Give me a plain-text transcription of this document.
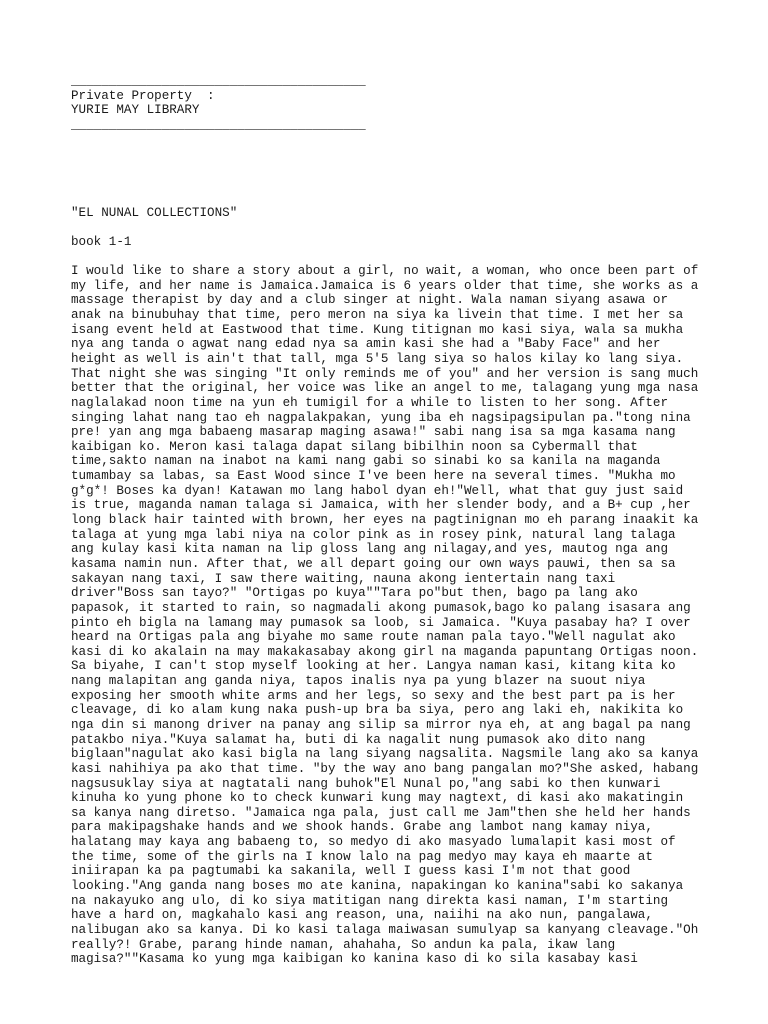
_______________________________________
Private Property  :
YURIE MAY LIBRARY
_______________________________________
"EL NUNAL COLLECTIONS"
book 1-1
I would like to share a story about a girl, no wait, a woman, who once been part of
my life, and her name is Jamaica.Jamaica is 6 years older that time, she works as a
massage therapist by day and a club singer at night. Wala naman siyang asawa or
anak na binubuhay that time, pero meron na siya ka livein that time. I met her sa
isang event held at Eastwood that time. Kung titignan mo kasi siya, wala sa mukha
nya ang tanda o agwat nang edad nya sa amin kasi she had a "Baby Face" and her
height as well is ain't that tall, mga 5'5 lang siya so halos kilay ko lang siya.
That night she was singing "It only reminds me of you" and her version is sang much
better that the original, her voice was like an angel to me, talagang yung mga nasa
naglalakad noon time na yun eh tumigil for a while to listen to her song. After
singing lahat nang tao eh nagpalakpakan, yung iba eh nagsipagsipulan pa."tong nina
pre! yan ang mga babaeng masarap maging asawa!" sabi nang isa sa mga kasama nang
kaibigan ko. Meron kasi talaga dapat silang bibilhin noon sa Cybermall that
time,sakto naman na inabot na kami nang gabi so sinabi ko sa kanila na maganda
tumambay sa labas, sa East Wood since I've been here na several times. "Mukha mo
g*g*! Boses ka dyan! Katawan mo lang habol dyan eh!"Well, what that guy just said
is true, maganda naman talaga si Jamaica, with her slender body, and a B+ cup ,her
long black hair tainted with brown, her eyes na pagtinignan mo eh parang inaakit ka
talaga at yung mga labi niya na color pink as in rosey pink, natural lang talaga
ang kulay kasi kita naman na lip gloss lang ang nilagay,and yes, mautog nga ang
kasama namin nun. After that, we all depart going our own ways pauwi, then sa sa
sakayan nang taxi, I saw there waiting, nauna akong ientertain nang taxi
driver"Boss san tayo?" "Ortigas po kuya""Tara po"but then, bago pa lang ako
papasok, it started to rain, so nagmadali akong pumasok,bago ko palang isasara ang
pinto eh bigla na lamang may pumasok sa loob, si Jamaica. "Kuya pasabay ha? I over
heard na Ortigas pala ang biyahe mo same route naman pala tayo."Well nagulat ako
kasi di ko akalain na may makakasabay akong girl na maganda papuntang Ortigas noon.
Sa biyahe, I can't stop myself looking at her. Langya naman kasi, kitang kita ko
nang malapitan ang ganda niya, tapos inalis nya pa yung blazer na suout niya
exposing her smooth white arms and her legs, so sexy and the best part pa is her
cleavage, di ko alam kung naka push-up bra ba siya, pero ang laki eh, nakikita ko
nga din si manong driver na panay ang silip sa mirror nya eh, at ang bagal pa nang
patakbo niya."Kuya salamat ha, buti di ka nagalit nung pumasok ako dito nang
biglaan"nagulat ako kasi bigla na lang siyang nagsalita. Nagsmile lang ako sa kanya
kasi nahihiya pa ako that time. "by the way ano bang pangalan mo?"She asked, habang
nagsusuklay siya at nagtatali nang buhok"El Nunal po,"ang sabi ko then kunwari
kinuha ko yung phone ko to check kunwari kung may nagtext, di kasi ako makatingin
sa kanya nang diretso. "Jamaica nga pala, just call me Jam"then she held her hands
para makipagshake hands and we shook hands. Grabe ang lambot nang kamay niya,
halatang may kaya ang babaeng to, so medyo di ako masyado lumalapit kasi most of
the time, some of the girls na I know lalo na pag medyo may kaya eh maarte at
iniirapan ka pa pagtumabi ka sakanila, well I guess kasi I'm not that good
looking."Ang ganda nang boses mo ate kanina, napakingan ko kanina"sabi ko sakanya
na nakayuko ang ulo, di ko siya matitigan nang direkta kasi naman, I'm starting
have a hard on, magkahalo kasi ang reason, una, naiihi na ako nun, pangalawa,
nalibugan ako sa kanya. Di ko kasi talaga maiwasan sumulyap sa kanyang cleavage."Oh
really?! Grabe, parang hinde naman, ahahaha, So andun ka pala, ikaw lang
magisa?""Kasama ko yung mga kaibigan ko kanina kaso di ko sila kasabay kasi
